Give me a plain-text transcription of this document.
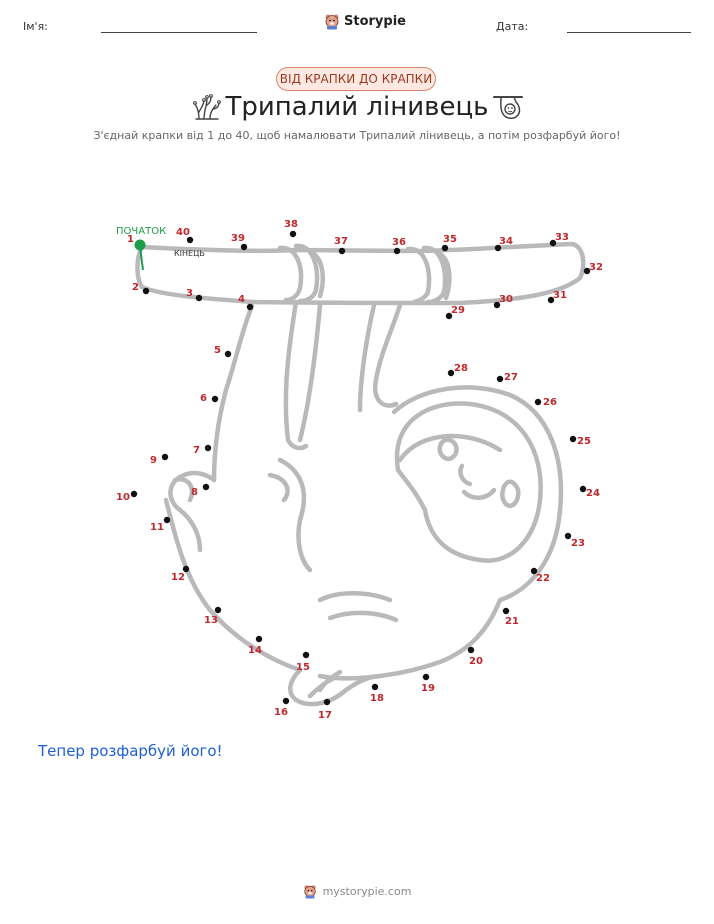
Ім'я:	Storypie	Дата:
ВІД КРАПКИ ДО КРАПКИ
Трипалий лінивець
З'єднай крапки від 1 до 40, щоб намалювати Трипалий лінивець, а потім розфарбуй його!
ПОЧАТОК
КІНЕЦЬ
1
2
3
4
5
6
7
8
9
10
11
12
13
14
15
16	17
18
19
20
21
22
23
24
25
26
27
28
29
30	31
32
33
34
35
36
37
38
39
40
Тепер розфарбуй його!
mystorypie.com
